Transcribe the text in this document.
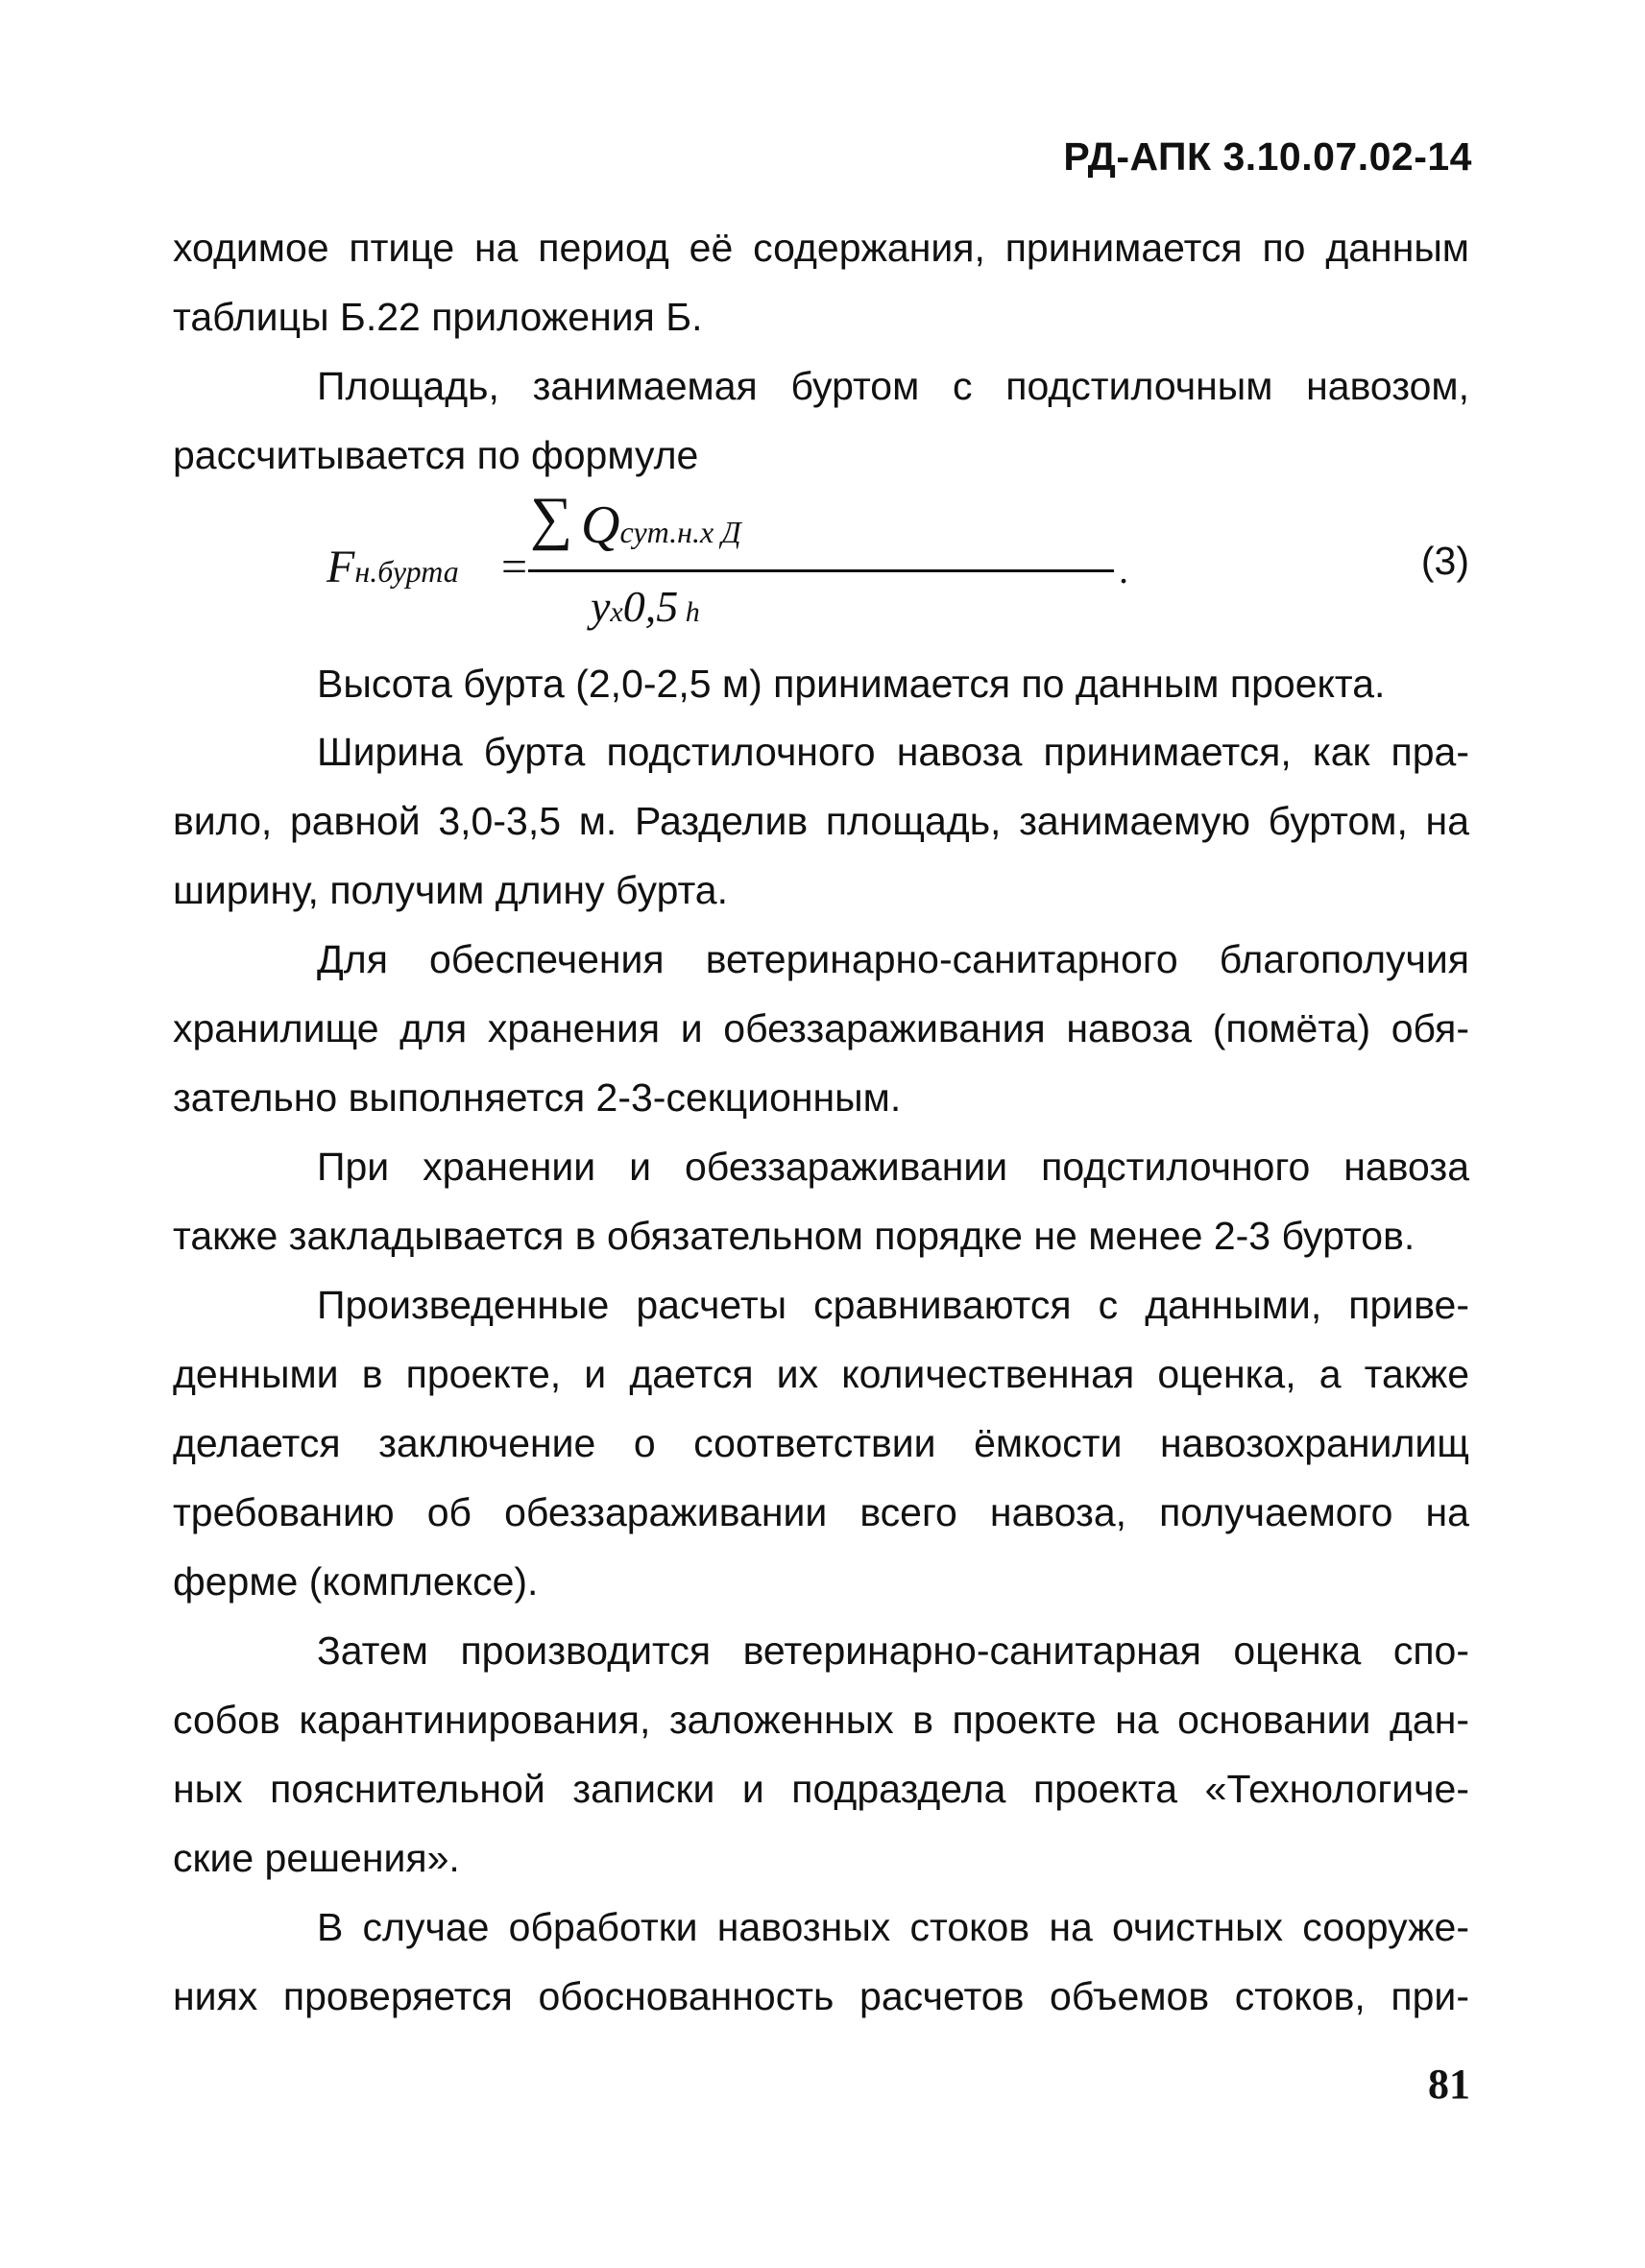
РД-АПК 3.10.07.02-14
ходимое птице на период её содержания, принимается по данным
таблицы Б.22 приложения Б.
Площадь, занимаемая буртом с подстилочным навозом,
рассчитывается по формуле
Fн.бурта =
∑ Qсут.н.х Д
ух0,5 h
.	(3)
Высота бурта (2,0-2,5 м) принимается по данным проекта.
Ширина бурта подстилочного навоза принимается, как пра-
вило, равной 3,0-3,5 м. Разделив площадь, занимаемую буртом, на
ширину, получим длину бурта.
Для обеспечения ветеринарно-санитарного благополучия
хранилище для хранения и обеззараживания навоза (помёта) обя-
зательно выполняется 2-3-секционным.
При хранении и обеззараживании подстилочного навоза
также закладывается в обязательном порядке не менее 2-3 буртов.
Произведенные расчеты сравниваются с данными, приве-
денными в проекте, и дается их количественная оценка, а также
делается заключение о соответствии ёмкости навозохранилищ
требованию об обеззараживании всего навоза, получаемого на
ферме (комплексе).
Затем производится ветеринарно-санитарная оценка спо-
собов карантинирования, заложенных в проекте на основании дан-
ных пояснительной записки и подраздела проекта «Технологиче-
ские решения».
В случае обработки навозных стоков на очистных сооруже-
ниях проверяется обоснованность расчетов объемов стоков, при-
81
